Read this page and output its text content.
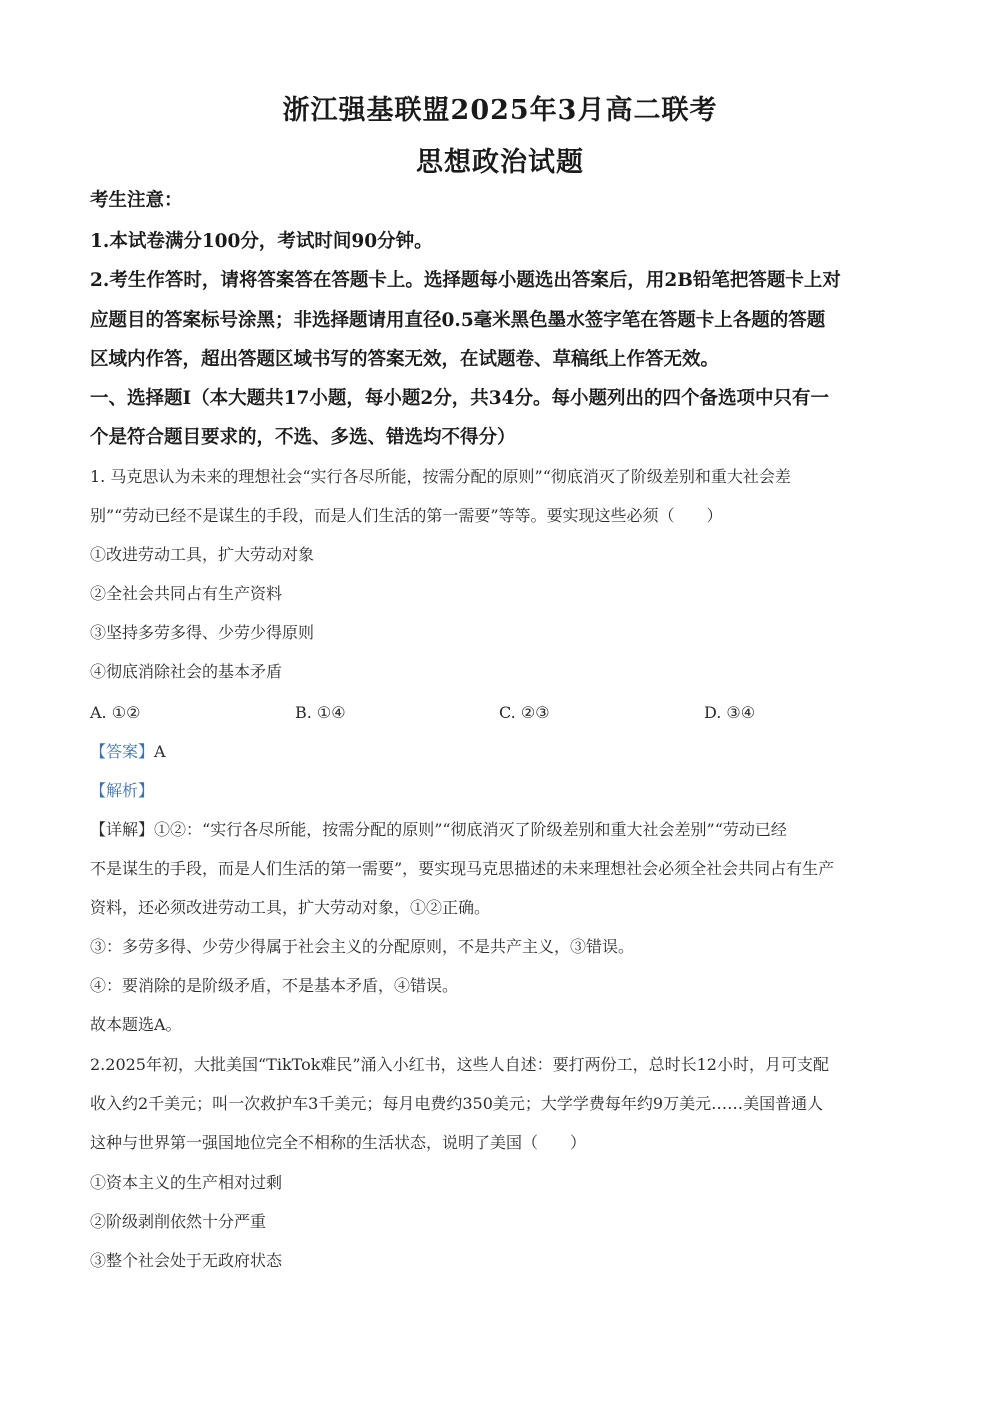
浙江强基联盟2025年3月高二联考
思想政治试题
考生注意：
1.本试卷满分100分，考试时间90分钟。
2.考生作答时，请将答案答在答题卡上。选择题每小题选出答案后，用2B铅笔把答题卡上对
应题目的答案标号涂黑；非选择题请用直径0.5毫米黑色墨水签字笔在答题卡上各题的答题
区域内作答，超出答题区域书写的答案无效，在试题卷、草稿纸上作答无效。
一、选择题Ⅰ（本大题共17小题，每小题2分，共34分。每小题列出的四个备选项中只有一
个是符合题目要求的，不选、多选、错选均不得分）
1. 马克思认为未来的理想社会“实行各尽所能，按需分配的原则”“彻底消灭了阶级差别和重大社会差
别”“劳动已经不是谋生的手段，而是人们生活的第一需要”等等。要实现这些必须（　　）
①改进劳动工具，扩大劳动对象
②全社会共同占有生产资料
③坚持多劳多得、少劳少得原则
④彻底消除社会的基本矛盾
A. ①②	B. ①④	C. ②③	D. ③④
【答案】A
【解析】
【详解】①②：“实行各尽所能，按需分配的原则”“彻底消灭了阶级差别和重大社会差别”“劳动已经
不是谋生的手段，而是人们生活的第一需要”，要实现马克思描述的未来理想社会必须全社会共同占有生产
资料，还必须改进劳动工具，扩大劳动对象，①②正确。
③：多劳多得、少劳少得属于社会主义的分配原则，不是共产主义，③错误。
④：要消除的是阶级矛盾，不是基本矛盾，④错误。
故本题选A。
2.2025年初，大批美国“TikTok难民”涌入小红书，这些人自述：要打两份工，总时长12小时，月可支配
收入约2千美元；叫一次救护车3千美元；每月电费约350美元；大学学费每年约9万美元……美国普通人
这种与世界第一强国地位完全不相称的生活状态，说明了美国（　　）
①资本主义的生产相对过剩
②阶级剥削依然十分严重
③整个社会处于无政府状态
